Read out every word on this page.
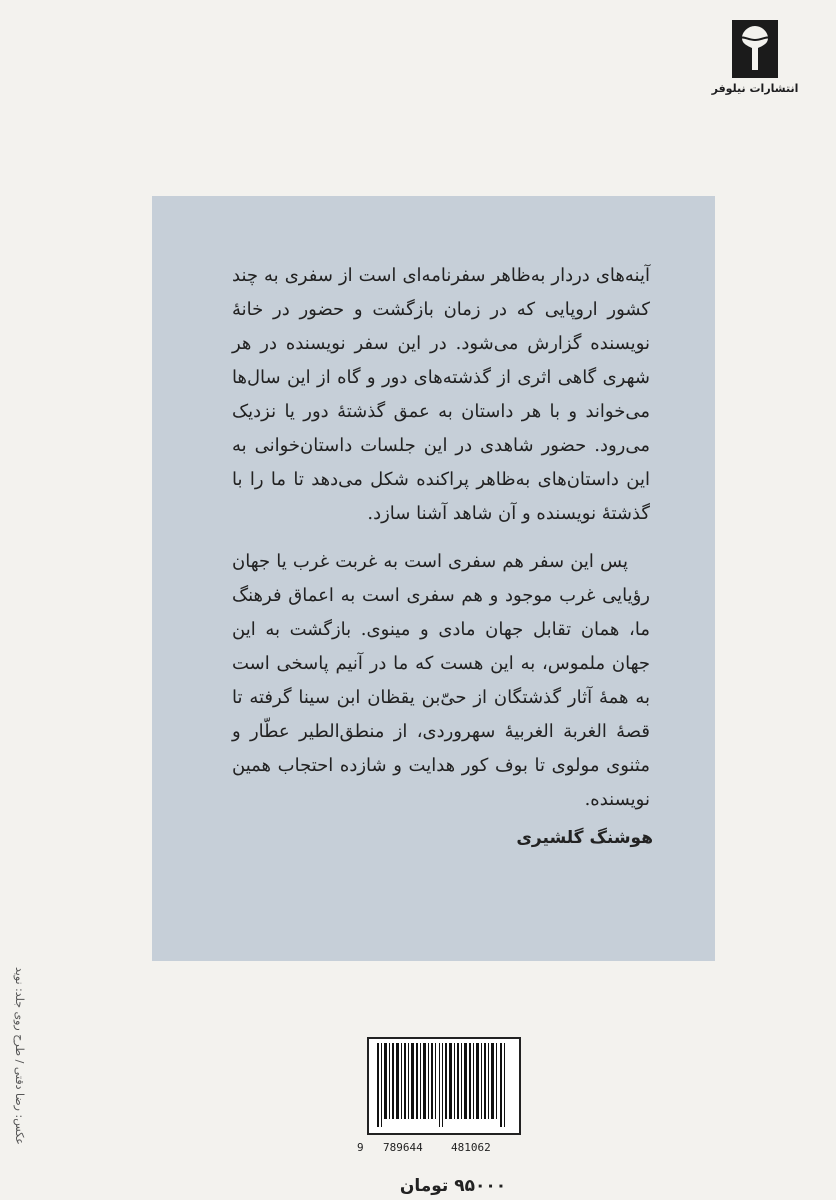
انتشارات نیلوفر

آینه‌های دردار به‌ظاهر سفرنامه‌ای است از سفری به چند کشور اروپایی که در زمان بازگشت و حضور در خانهٔ نویسنده گزارش می‌شود. در این سفر نویسنده در هر شهری گاهی اثری از گذشته‌های دور و گاه از این سال‌ها می‌خواند و با هر داستان به عمق گذشتهٔ دور یا نزدیک می‌رود. حضور شاهدی در این جلسات داستان‌خوانی به این داستان‌های به‌ظاهر پراکنده شکل می‌دهد تا ما را با گذشتهٔ نویسنده و آن شاهد آشنا سازد.

پس این سفر هم سفری است به غربت غرب یا جهان رؤیایی غرب موجود و هم سفری است به اعماق فرهنگ ما، همان تقابل جهان مادی و مینوی. بازگشت به این جهان ملموس، به این هست که ما در آنیم پاسخی است به همهٔ آثار گذشتگان از حیّ‌بن یقظان ابن سینا گرفته تا قصهٔ الغربة الغربیهٔ سهروردی، از منطق‌الطیر عطّار و مثنوی مولوی تا بوف کور هدایت و شازده احتجاب همین نویسنده.

هوشنگ گلشیری
عکس: رضا دقتی / طرح روی جلد: نوید
9 789644	481062
۹۵۰۰۰ تومان
